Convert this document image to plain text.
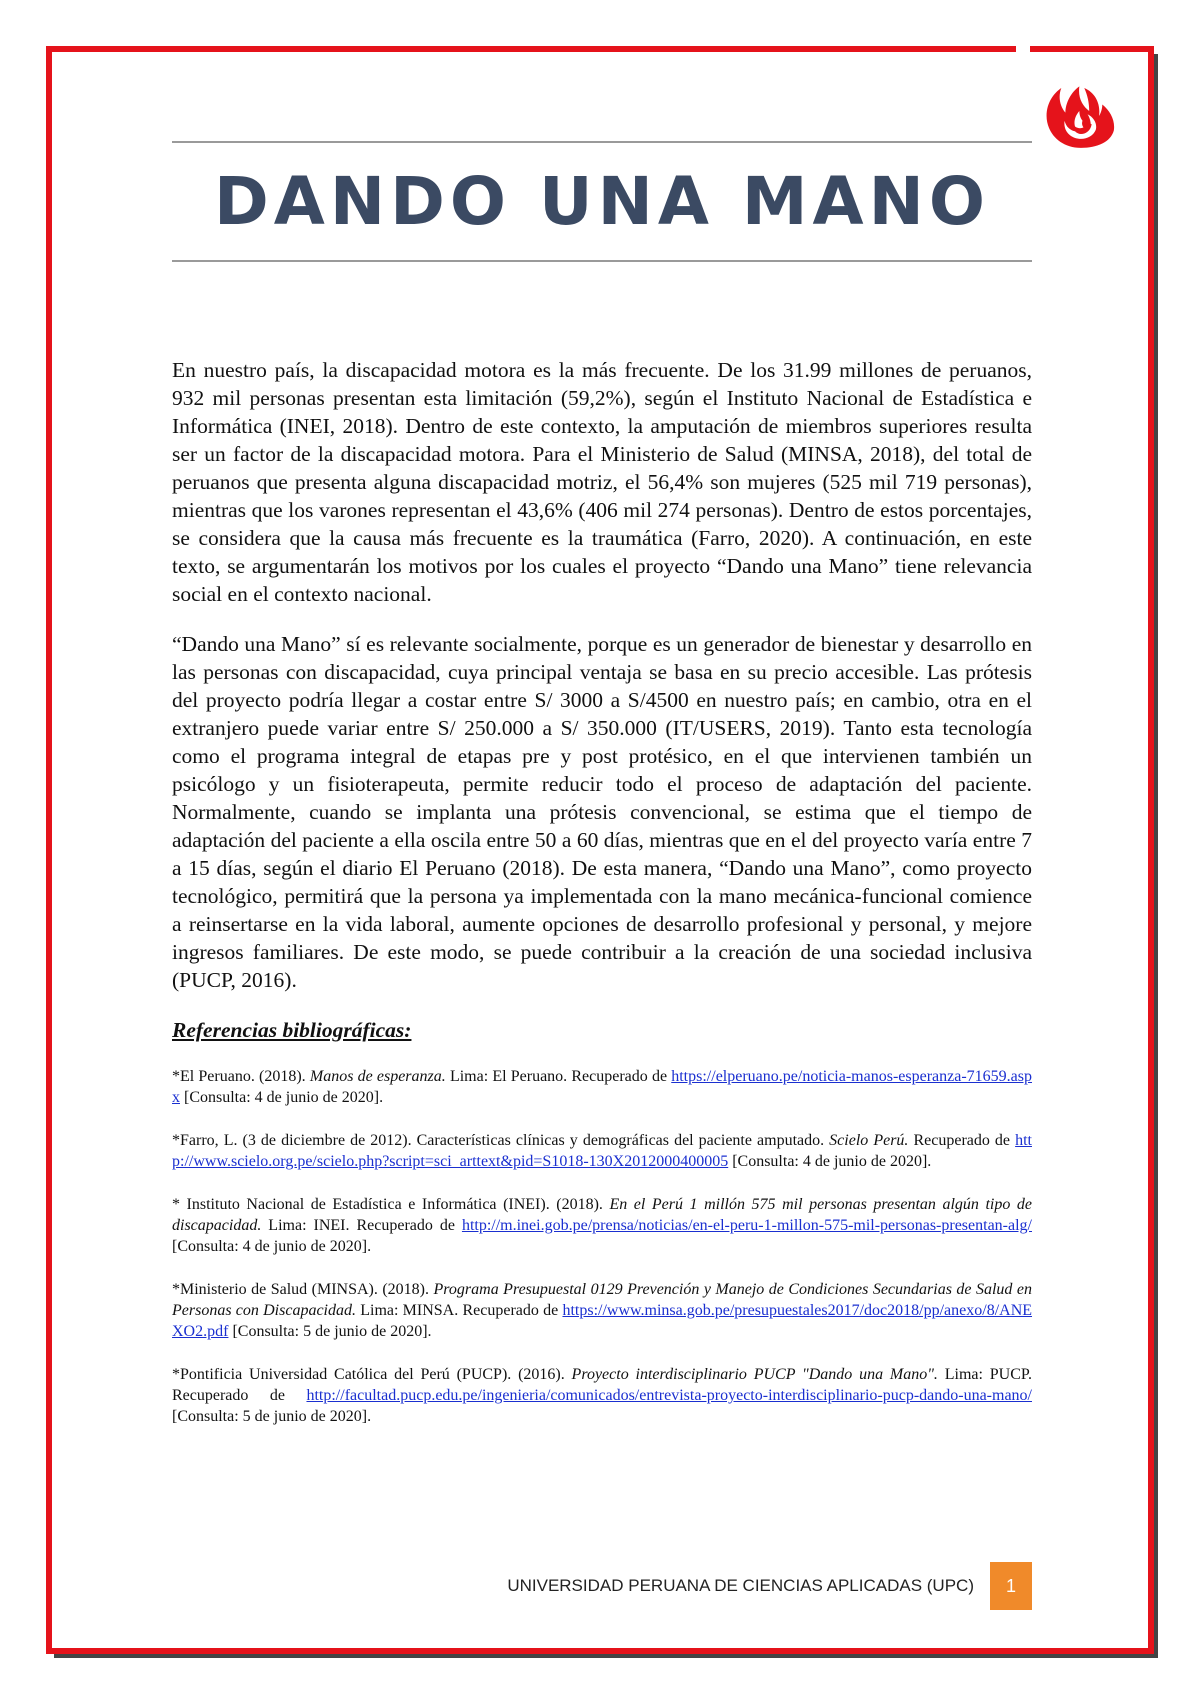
DANDO UNA MANO

En nuestro país, la discapacidad motora es la más frecuente. De los 31.99 millones de peruanos, 932 mil personas presentan esta limitación (59,2%), según el Instituto Nacional de Estadística e Informática (INEI, 2018). Dentro de este contexto, la amputación de miembros superiores resulta ser un factor de la discapacidad motora. Para el Ministerio de Salud (MINSA, 2018), del total de peruanos que presenta alguna discapacidad motriz, el 56,4% son mujeres (525 mil 719 personas), mientras que los varones representan el 43,6% (406 mil 274 personas). Dentro de estos porcentajes, se considera que la causa más frecuente es la traumática (Farro, 2020). A continuación, en este texto, se argumentarán los motivos por los cuales el proyecto “Dando una Mano” tiene relevancia social en el contexto nacional.

“Dando una Mano” sí es relevante socialmente, porque es un generador de bienestar y desarrollo en las personas con discapacidad, cuya principal ventaja se basa en su precio accesible. Las prótesis del proyecto podría llegar a costar entre S/ 3000 a S/4500 en nuestro país; en cambio, otra en el extranjero puede variar entre S/ 250.000 a S/ 350.000 (IT/USERS, 2019). Tanto esta tecnología como el programa integral de etapas pre y post protésico, en el que intervienen también un psicólogo y un fisioterapeuta, permite reducir todo el proceso de adaptación del paciente. Normalmente, cuando se implanta una prótesis convencional, se estima que el tiempo de adaptación del paciente a ella oscila entre 50 a 60 días, mientras que en el del proyecto varía entre 7 a 15 días, según el diario El Peruano (2018). De esta manera, “Dando una Mano”, como proyecto tecnológico, permitirá que la persona ya implementada con la mano mecánica-funcional comience a reinsertarse en la vida laboral, aumente opciones de desarrollo profesional y personal, y mejore ingresos familiares. De este modo, se puede contribuir a la creación de una sociedad inclusiva (PUCP, 2016).

Referencias bibliográficas:

*El Peruano. (2018). Manos de esperanza. Lima: El Peruano. Recuperado de https://elperuano.pe/noticia-manos-esperanza-71659.aspx [Consulta: 4 de junio de 2020].

*Farro, L. (3 de diciembre de 2012). Características clínicas y demográficas del paciente amputado. Scielo Perú. Recuperado de http://www.scielo.org.pe/scielo.php?script=sci_arttext&pid=S1018-130X2012000400005 [Consulta: 4 de junio de 2020].

* Instituto Nacional de Estadística e Informática (INEI). (2018). En el Perú 1 millón 575 mil personas presentan algún tipo de discapacidad. Lima: INEI. Recuperado de http://m.inei.gob.pe/prensa/noticias/en-el-peru-1-millon-575-mil-personas-presentan-alg/ [Consulta: 4 de junio de 2020].

*Ministerio de Salud (MINSA). (2018). Programa Presupuestal 0129 Prevención y Manejo de Condiciones Secundarias de Salud en Personas con Discapacidad. Lima: MINSA. Recuperado de https://www.minsa.gob.pe/presupuestales2017/doc2018/pp/anexo/8/ANEXO2.pdf [Consulta: 5 de junio de 2020].

*Pontificia Universidad Católica del Perú (PUCP). (2016). Proyecto interdisciplinario PUCP "Dando una Mano". Lima: PUCP. Recuperado de http://facultad.pucp.edu.pe/ingenieria/comunicados/entrevista-proyecto-interdisciplinario-pucp-dando-una-mano/ [Consulta: 5 de junio de 2020].

UNIVERSIDAD PERUANA DE CIENCIAS APLICADAS (UPC) 1
